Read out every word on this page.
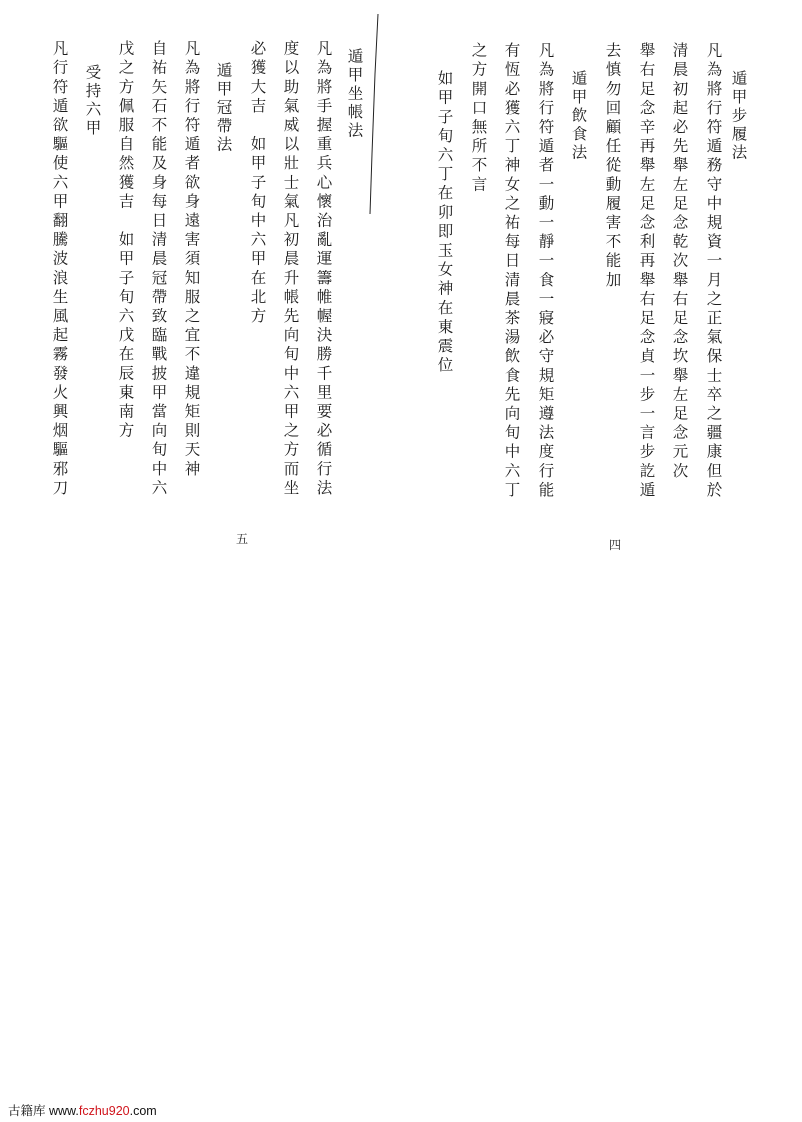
遁甲步履法
凡為將行符遁務守中規資一月之正氣保士卒之疆康但於
清晨初起必先舉左足念乾次舉右足念坎舉左足念元次
舉右足念辛再舉左足念利再舉右足念貞一步一言步訖遁
去慎勿回顧任從動履害不能加
遁甲飲食法
凡為將行符遁者一動一靜一食一寢必守規矩遵法度行能
有恆必獲六丁神女之祐每日清晨茶湯飲食先向旬中六丁
之方開口無所不言
如甲子旬六丁在卯即玉女神在東震位
四
遁甲坐帳法
凡為將手握重兵心懷治亂運籌帷幄決勝千里要必循行法
度以助氣威以壯士氣凡初晨升帳先向旬中六甲之方而坐
必獲大吉　如甲子旬中六甲在北方
遁甲冠帶法
凡為將行符遁者欲身遠害須知服之宜不違規矩則天神
自祐矢石不能及身每日清晨冠帶致臨戰披甲當向旬中六
戊之方佩服自然獲吉　如甲子旬六戊在辰東南方
受持六甲
凡行符遁欲驅使六甲翻騰波浪生風起霧發火興烟驅邪刀
五
古籍库 www.fczhu920.com
